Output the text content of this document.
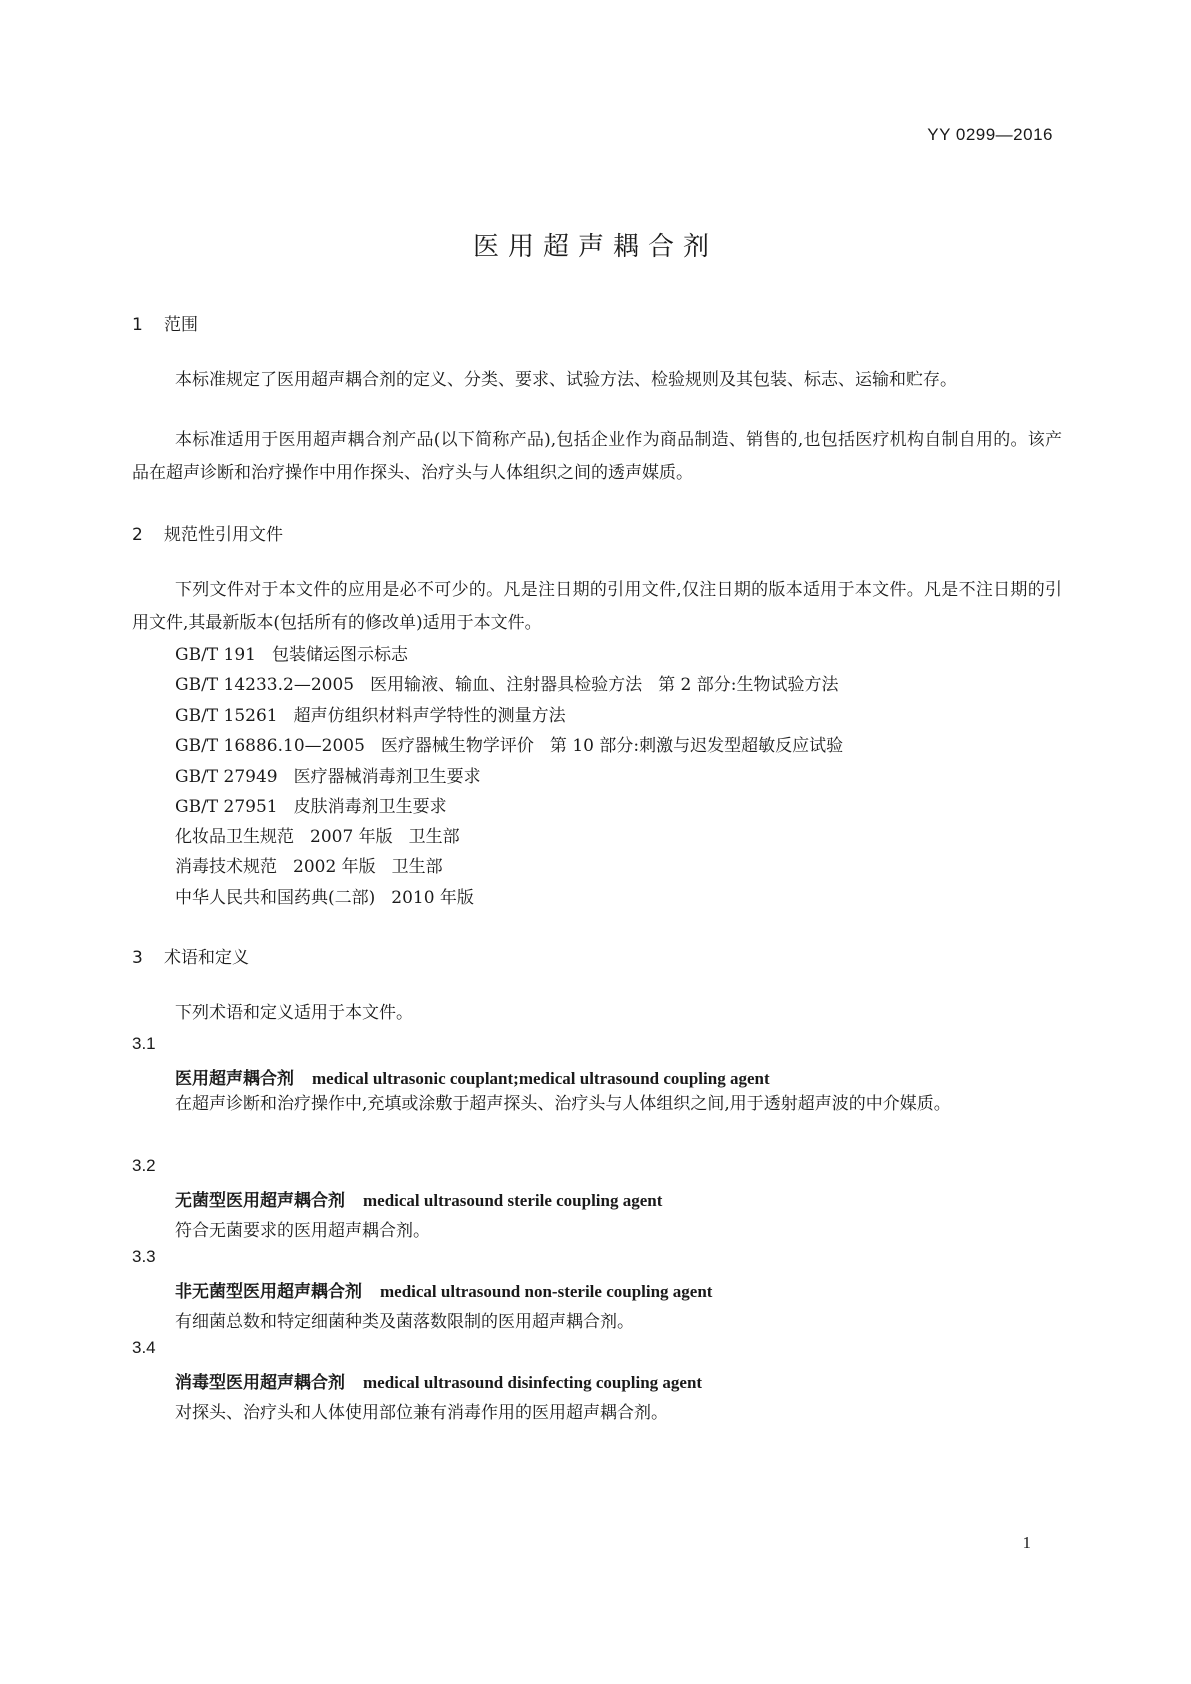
YY 0299—2016
医用超声耦合剂
1 范围
本标准规定了医用超声耦合剂的定义、分类、要求、试验方法、检验规则及其包装、标志、运输和贮存。
本标准适用于医用超声耦合剂产品(以下简称产品),包括企业作为商品制造、销售的,也包括医疗机构自制自用的。该产品在超声诊断和治疗操作中用作探头、治疗头与人体组织之间的透声媒质。
2 规范性引用文件
下列文件对于本文件的应用是必不可少的。凡是注日期的引用文件,仅注日期的版本适用于本文件。凡是不注日期的引用文件,其最新版本(包括所有的修改单)适用于本文件。
GB/T 191 包装储运图示标志
GB/T 14233.2—2005 医用输液、输血、注射器具检验方法 第 2 部分:生物试验方法
GB/T 15261 超声仿组织材料声学特性的测量方法
GB/T 16886.10—2005 医疗器械生物学评价 第 10 部分:刺激与迟发型超敏反应试验
GB/T 27949 医疗器械消毒剂卫生要求
GB/T 27951 皮肤消毒剂卫生要求
化妆品卫生规范 2007 年版 卫生部
消毒技术规范 2002 年版 卫生部
中华人民共和国药典(二部) 2010 年版
3 术语和定义
下列术语和定义适用于本文件。
3.1
医用超声耦合剂 medical ultrasonic couplant;medical ultrasound coupling agent
在超声诊断和治疗操作中,充填或涂敷于超声探头、治疗头与人体组织之间,用于透射超声波的中介媒质。
3.2
无菌型医用超声耦合剂 medical ultrasound sterile coupling agent
符合无菌要求的医用超声耦合剂。
3.3
非无菌型医用超声耦合剂 medical ultrasound non-sterile coupling agent
有细菌总数和特定细菌种类及菌落数限制的医用超声耦合剂。
3.4
消毒型医用超声耦合剂 medical ultrasound disinfecting coupling agent
对探头、治疗头和人体使用部位兼有消毒作用的医用超声耦合剂。
1
